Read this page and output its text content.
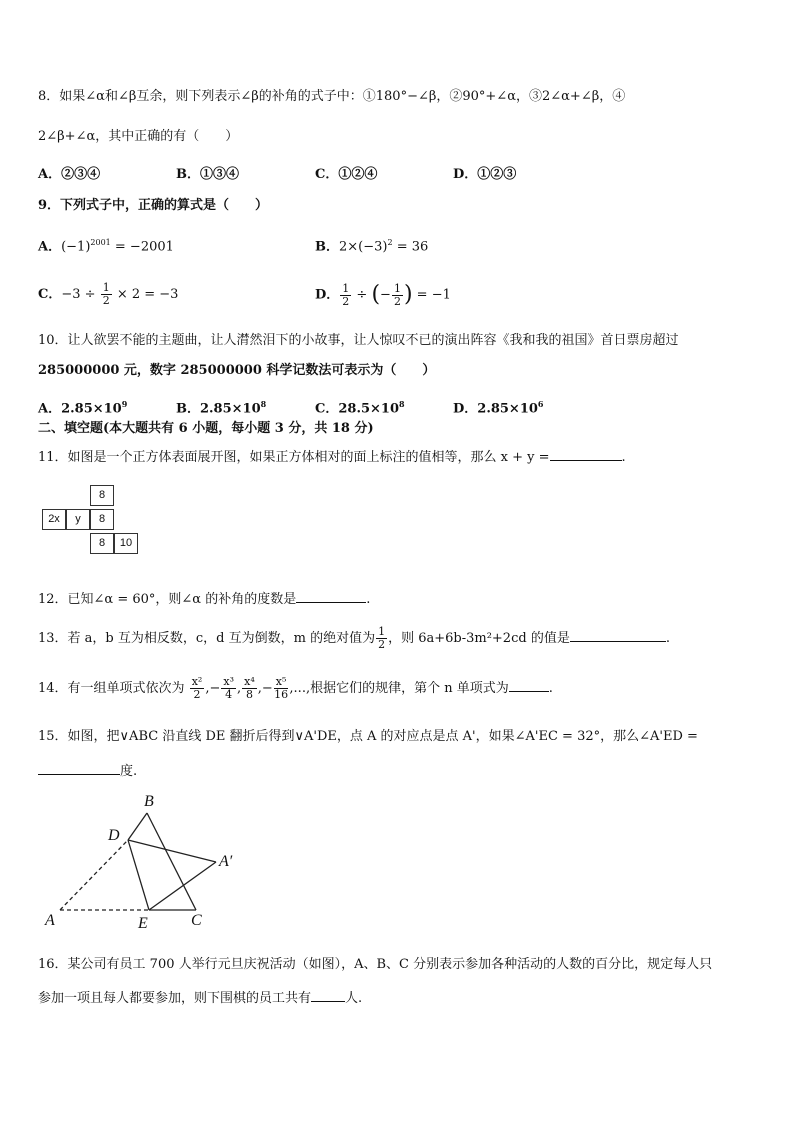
8．如果∠α和∠β互余，则下列表示∠β的补角的式子中：①180°−∠β，②90°+∠α，③2∠α+∠β，④
2∠β+∠α，其中正确的有（　　）
A．②③④	B．①③④	C．①②④	D．①②③
9．下列式子中，正确的算式是（　　）
A．$(-1)^{2001} = -2001$	B．$2\times(-3)^2 = 36$
C．$-3 \div \frac{1}{2} \times 2 = -3$	D． $\frac{1}{2}$ ÷ (− $\frac{1}{2}$ ) = −1
10．让人欲罢不能的主题曲，让人潸然泪下的小故事，让人惊叹不已的演出阵容《我和我的祖国》首日票房超过
285000000 元，数字 285000000 科学记数法可表示为（　　）
A．$2.85\times 10^9$	B．$2.85\times 10^8$	C．$28.5\times 10^8$	D．$2.85\times 10^6$
二、填空题(本大题共有 6 小题，每小题 3 分，共 18 分)
11．如图是一个正方体表面展开图，如果正方体相对的面上标注的值相等，那么 x + y =	.
8
2x	y	8
8	10
12．已知∠α = 60°，则∠α 的补角的度数是	.
13．若 a，b 互为相反数，c，d 互为倒数，m 的绝对值为 $\frac{1}{2}$ ，则 6a+6b-3m²+2cd 的值是	.
14．有一组单项式依次为 $\frac{\text{x²}}{2}$ ,− $\frac{\text{x³}}{4}$ , $\frac{\text{x⁴}}{8}$ ,− $\frac{\text{x⁵}}{16}$ ,...,根据它们的规律，第个 n 单项式为	.
15．如图，把∨ABC 沿直线 DE 翻折后得到∨A'DE，点 A 的对应点是点 A'，如果∠A'EC = 32°，那么∠A'ED =
度.
B
D
A′
A	E	C
16．某公司有员工 700 人举行元旦庆祝活动（如图），A、B、C 分别表示参加各种活动的人数的百分比，规定每人只
参加一项且每人都要参加，则下围棋的员工共有	人.
